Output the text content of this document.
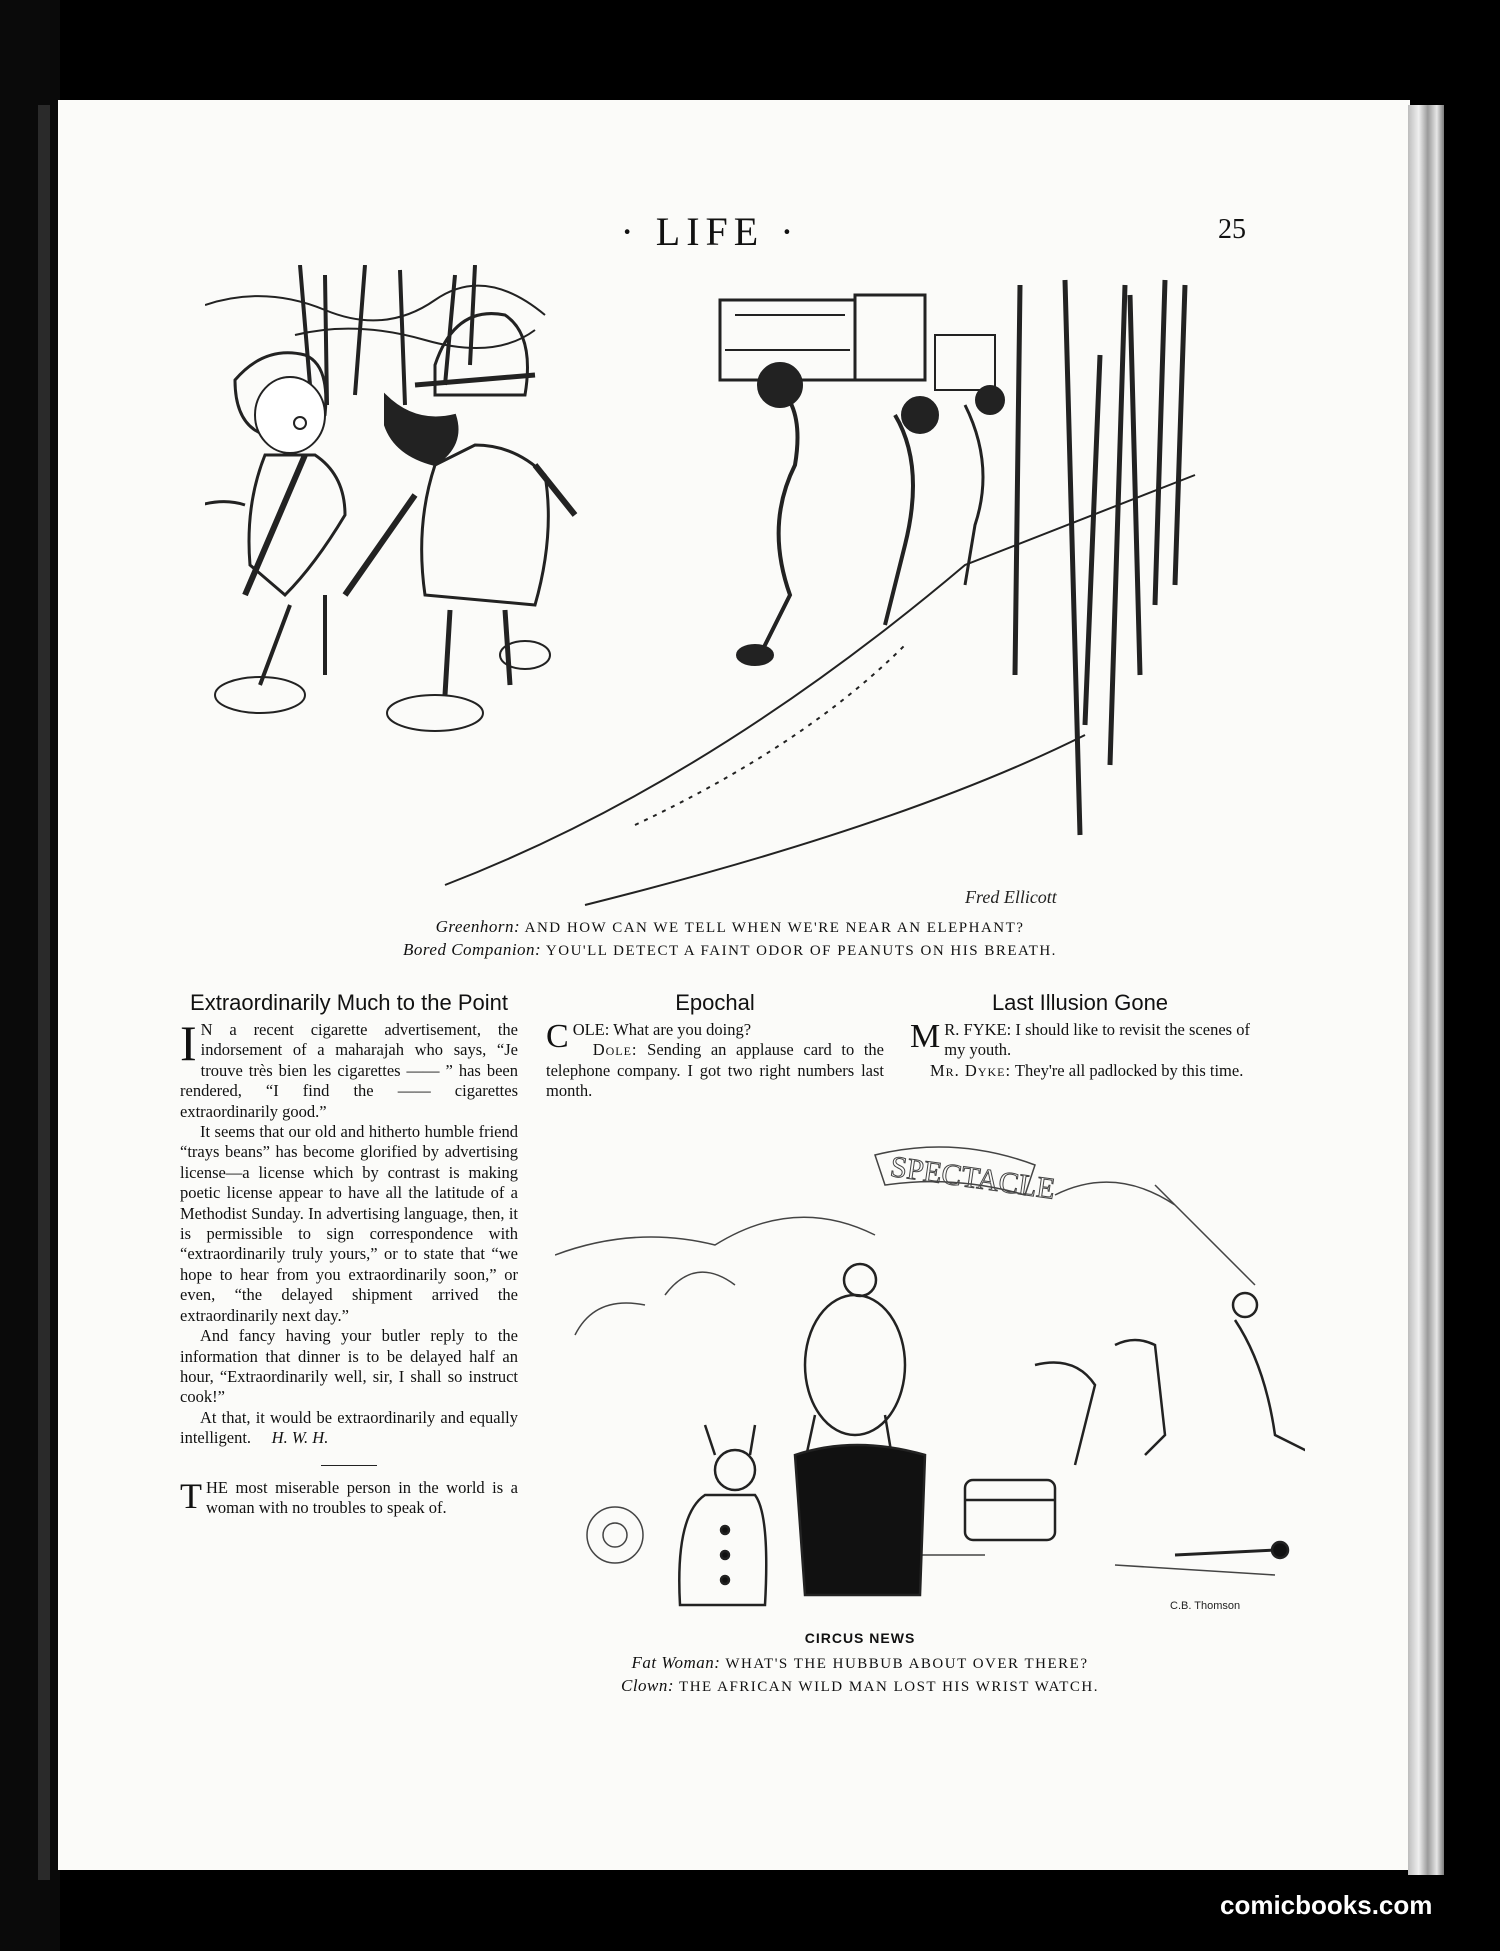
· LIFE ·	25
Fred Ellicott
Greenhorn: AND HOW CAN WE TELL WHEN WE'RE NEAR AN ELEPHANT?
Bored Companion: YOU'LL DETECT A FAINT ODOR OF PEANUTS ON HIS BREATH.
Extraordinarily Much to the Point

I N a recent cigarette advertisement, the indorsement of a maharajah who says, “Je trouve très bien les cigarettes —— ” has been rendered, “I find the —— cigarettes extraordinarily good.”

It seems that our old and hitherto humble friend “trays beans” has become glorified by advertising license—a license which by contrast is making poetic license appear to have all the latitude of a Methodist Sunday. In advertising language, then, it is permissible to sign correspondence with “extraordinarily truly yours,” or to state that “we hope to hear from you extraordinarily soon,” or even, “the delayed shipment arrived the extraordinarily next day.”

And fancy having your butler reply to the information that dinner is to be delayed half an hour, “Extraordinarily well, sir, I shall so instruct cook!”

At that, it would be extraordinarily and equally intelligent. H. W. H.

T HE most miserable person in the world is a woman with no troubles to speak of.

Epochal

C OLE: What are you doing?

Dole: Sending an applause card to the telephone company. I got two right numbers last month.

Last Illusion Gone

M R. FYKE: I should like to revisit the scenes of my youth.

Mr. Dyke: They're all padlocked by this time.

SPECTACLE
C.B. Thomson
CIRCUS NEWS
Fat Woman: WHAT'S THE HUBBUB ABOUT OVER THERE?
Clown: THE AFRICAN WILD MAN LOST HIS WRIST WATCH.
comicbooks.com
